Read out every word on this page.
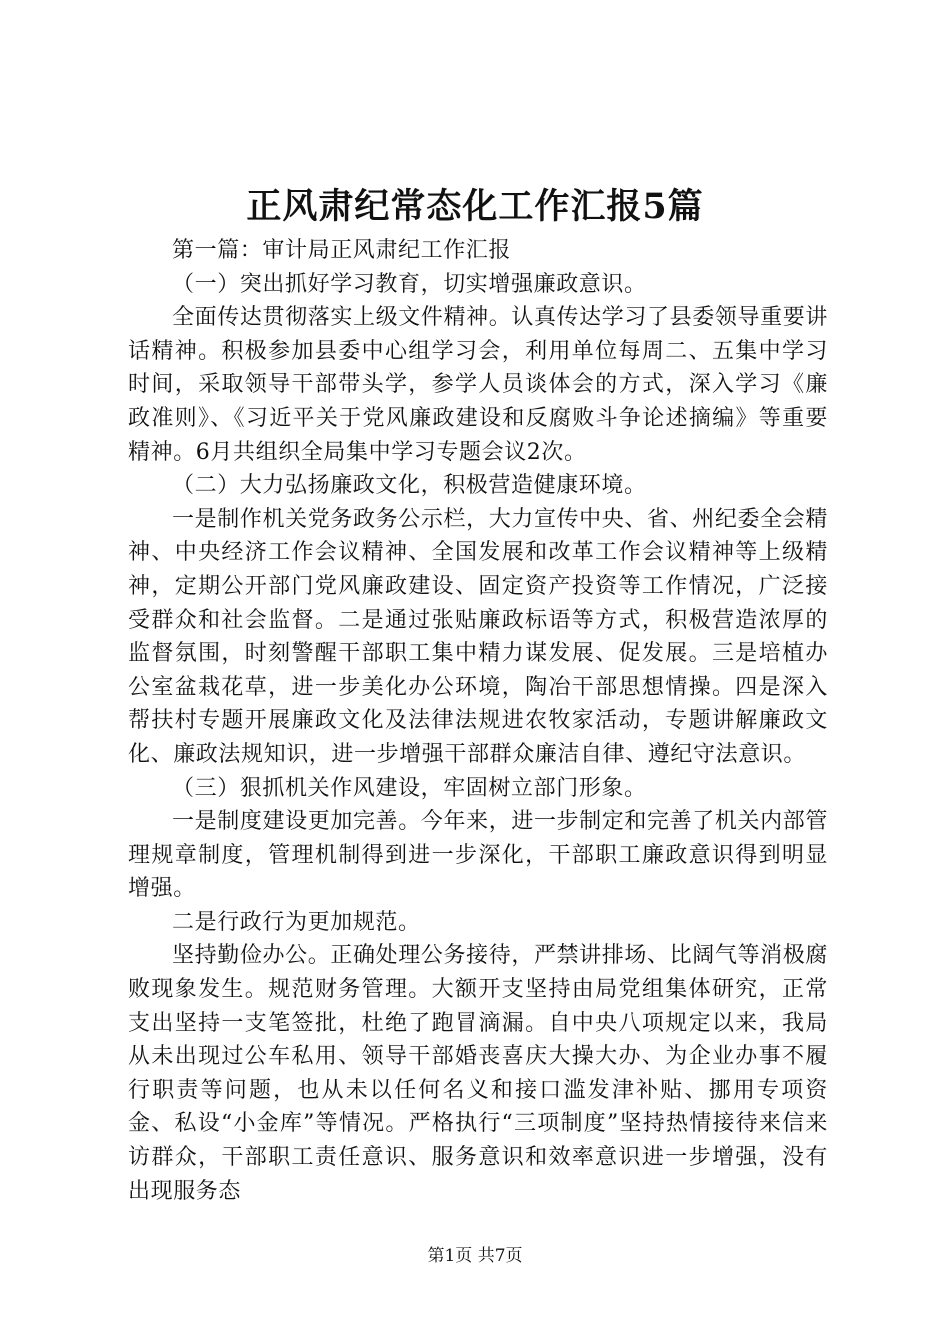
正风肃纪常态化工作汇报5篇

第一篇：审计局正风肃纪工作汇报

（一）突出抓好学习教育，切实增强廉政意识。

全面传达贯彻落实上级文件精神。认真传达学习了县委领导重要讲话精神。积极参加县委中心组学习会，利用单位每周二、五集中学习时间，采取领导干部带头学，参学人员谈体会的方式，深入学习《廉政准则》、《习近平关于党风廉政建设和反腐败斗争论述摘编》等重要精神。6月共组织全局集中学习专题会议2次。

（二）大力弘扬廉政文化，积极营造健康环境。

一是制作机关党务政务公示栏，大力宣传中央、省、州纪委全会精神、中央经济工作会议精神、全国发展和改革工作会议精神等上级精神，定期公开部门党风廉政建设、固定资产投资等工作情况，广泛接受群众和社会监督。二是通过张贴廉政标语等方式，积极营造浓厚的监督氛围，时刻警醒干部职工集中精力谋发展、促发展。三是培植办公室盆栽花草，进一步美化办公环境，陶冶干部思想情操。四是深入帮扶村专题开展廉政文化及法律法规进农牧家活动，专题讲解廉政文化、廉政法规知识，进一步增强干部群众廉洁自律、遵纪守法意识。

（三）狠抓机关作风建设，牢固树立部门形象。

一是制度建设更加完善。今年来，进一步制定和完善了机关内部管理规章制度，管理机制得到进一步深化，干部职工廉政意识得到明显增强。

二是行政行为更加规范。

坚持勤俭办公。正确处理公务接待，严禁讲排场、比阔气等消极腐败现象发生。规范财务管理。大额开支坚持由局党组集体研究，正常支出坚持一支笔签批，杜绝了跑冒滴漏。自中央八项规定以来，我局从未出现过公车私用、领导干部婚丧喜庆大操大办、为企业办事不履行职责等问题，也从未以任何名义和接口滥发津补贴、挪用专项资金、私设“小金库”等情况。严格执行“三项制度”坚持热情接待来信来访群众，干部职工责任意识、服务意识和效率意识进一步增强，没有出现服务态

第1页 共7页
